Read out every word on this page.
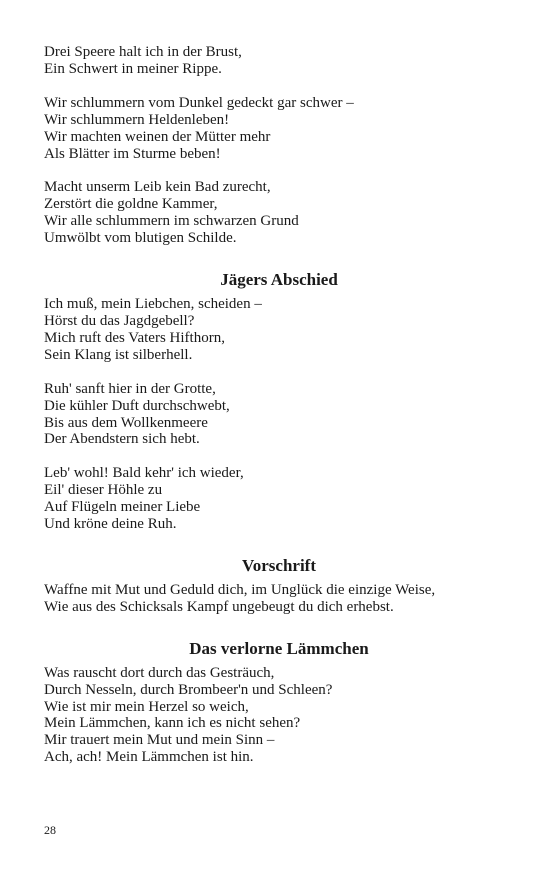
Drei Speere halt ich in der Brust,
Ein Schwert in meiner Rippe.
Wir schlummern vom Dunkel gedeckt gar schwer –
Wir schlummern Heldenleben!
Wir machten weinen der Mütter mehr
Als Blätter im Sturme beben!
Macht unserm Leib kein Bad zurecht,
Zerstört die goldne Kammer,
Wir alle schlummern im schwarzen Grund
Umwölbt vom blutigen Schilde.
Jägers Abschied
Ich muß, mein Liebchen, scheiden –
Hörst du das Jagdgebell?
Mich ruft des Vaters Hifthorn,
Sein Klang ist silberhell.
Ruh' sanft hier in der Grotte,
Die kühler Duft durchschwebt,
Bis aus dem Wollkenmeere
Der Abendstern sich hebt.
Leb' wohl! Bald kehr' ich wieder,
Eil' dieser Höhle zu
Auf Flügeln meiner Liebe
Und kröne deine Ruh.
Vorschrift
Waffne mit Mut und Geduld dich, im Unglück die einzige Weise,
Wie aus des Schicksals Kampf ungebeugt du dich erhebst.
Das verlorne Lämmchen
Was rauscht dort durch das Gesträuch,
Durch Nesseln, durch Brombeer'n und Schleen?
Wie ist mir mein Herzel so weich,
Mein Lämmchen, kann ich es nicht sehen?
Mir trauert mein Mut und mein Sinn –
Ach, ach! Mein Lämmchen ist hin.
28
